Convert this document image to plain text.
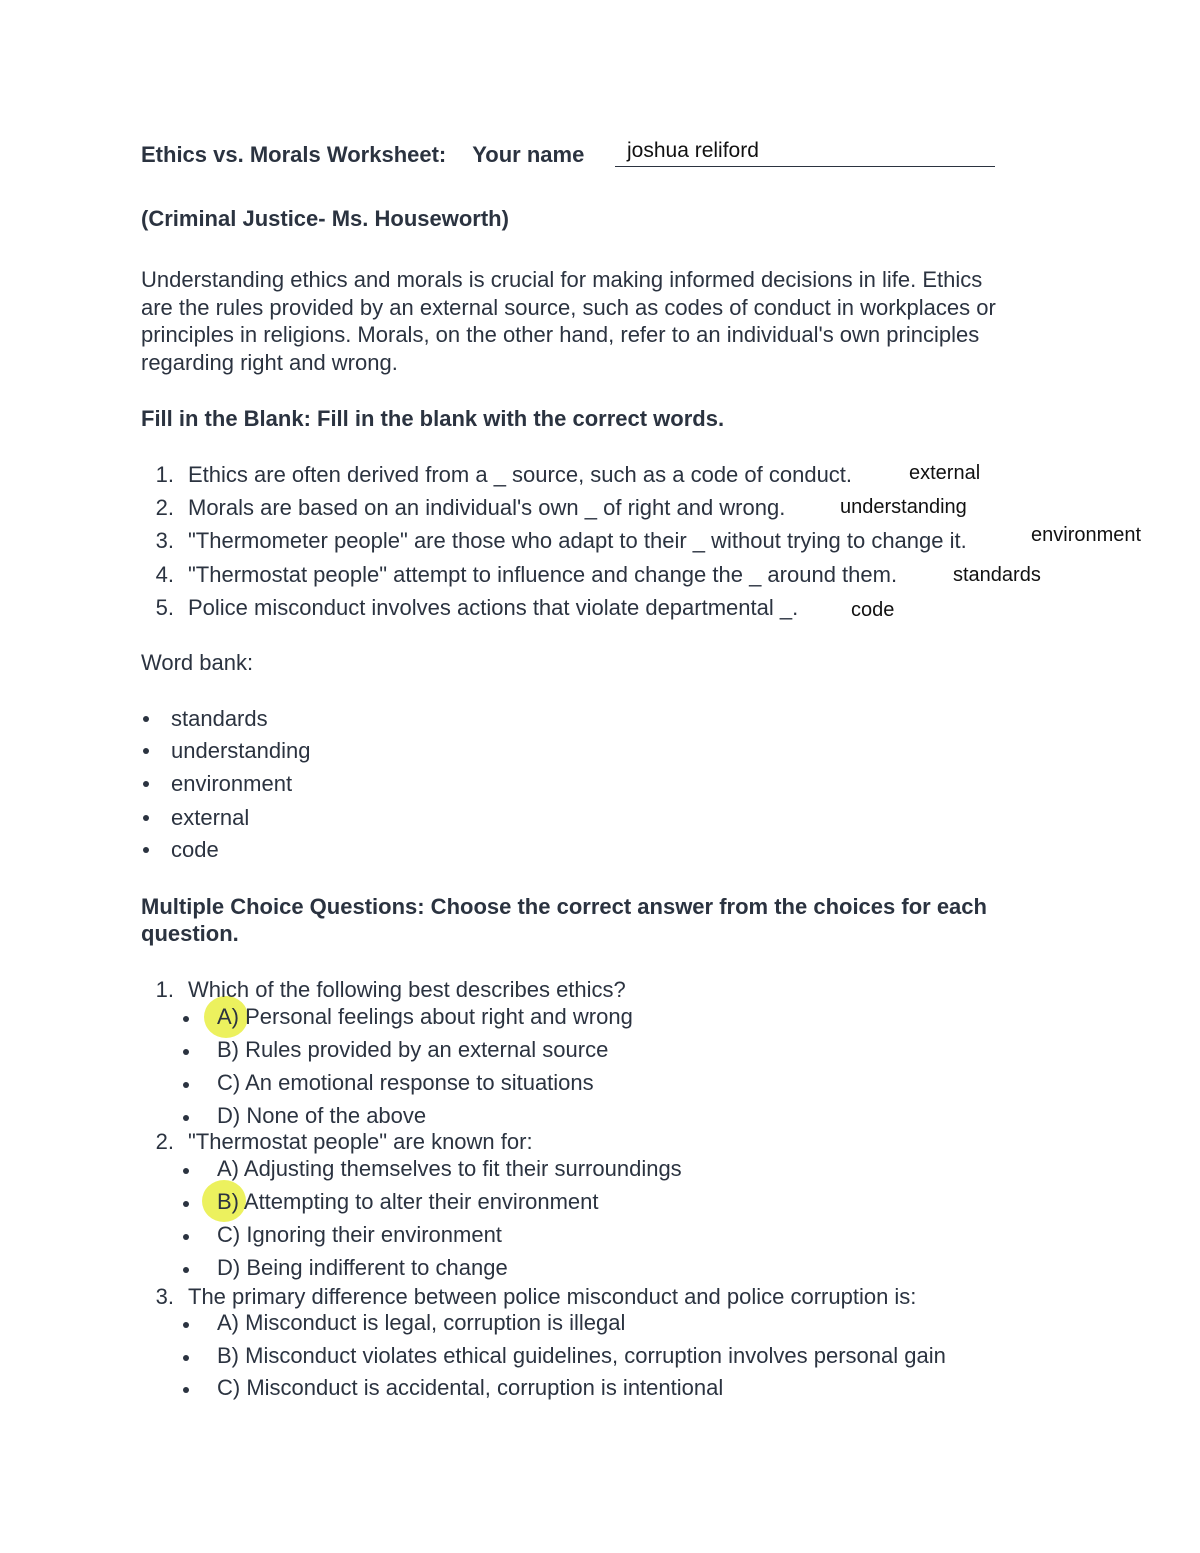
Ethics vs. Morals Worksheet: Your name joshua reliford
(Criminal Justice- Ms. Houseworth)
Understanding ethics and morals is crucial for making informed decisions in life. Ethics
are the rules provided by an external source, such as codes of conduct in workplaces or
principles in religions. Morals, on the other hand, refer to an individual's own principles
regarding right and wrong.
Fill in the Blank: Fill in the blank with the correct words.
1. Ethics are often derived from a _ source, such as a code of conduct.	external
2. Morals are based on an individual's own _ of right and wrong.	understanding
3. "Thermometer people" are those who adapt to their _ without trying to change it.	environment
4. "Thermostat people" attempt to influence and change the _ around them.	standards
5. Police misconduct involves actions that violate departmental _.	code
Word bank:
standards
understanding
environment
external
code
Multiple Choice Questions: Choose the correct answer from the choices for each
question.
1. Which of the following best describes ethics?
A) Personal feelings about right and wrong
B) Rules provided by an external source
C) An emotional response to situations
D) None of the above
2. "Thermostat people" are known for:
A) Adjusting themselves to fit their surroundings
B) Attempting to alter their environment
C) Ignoring their environment
D) Being indifferent to change
3. The primary difference between police misconduct and police corruption is:
A) Misconduct is legal, corruption is illegal
B) Misconduct violates ethical guidelines, corruption involves personal gain
C) Misconduct is accidental, corruption is intentional
